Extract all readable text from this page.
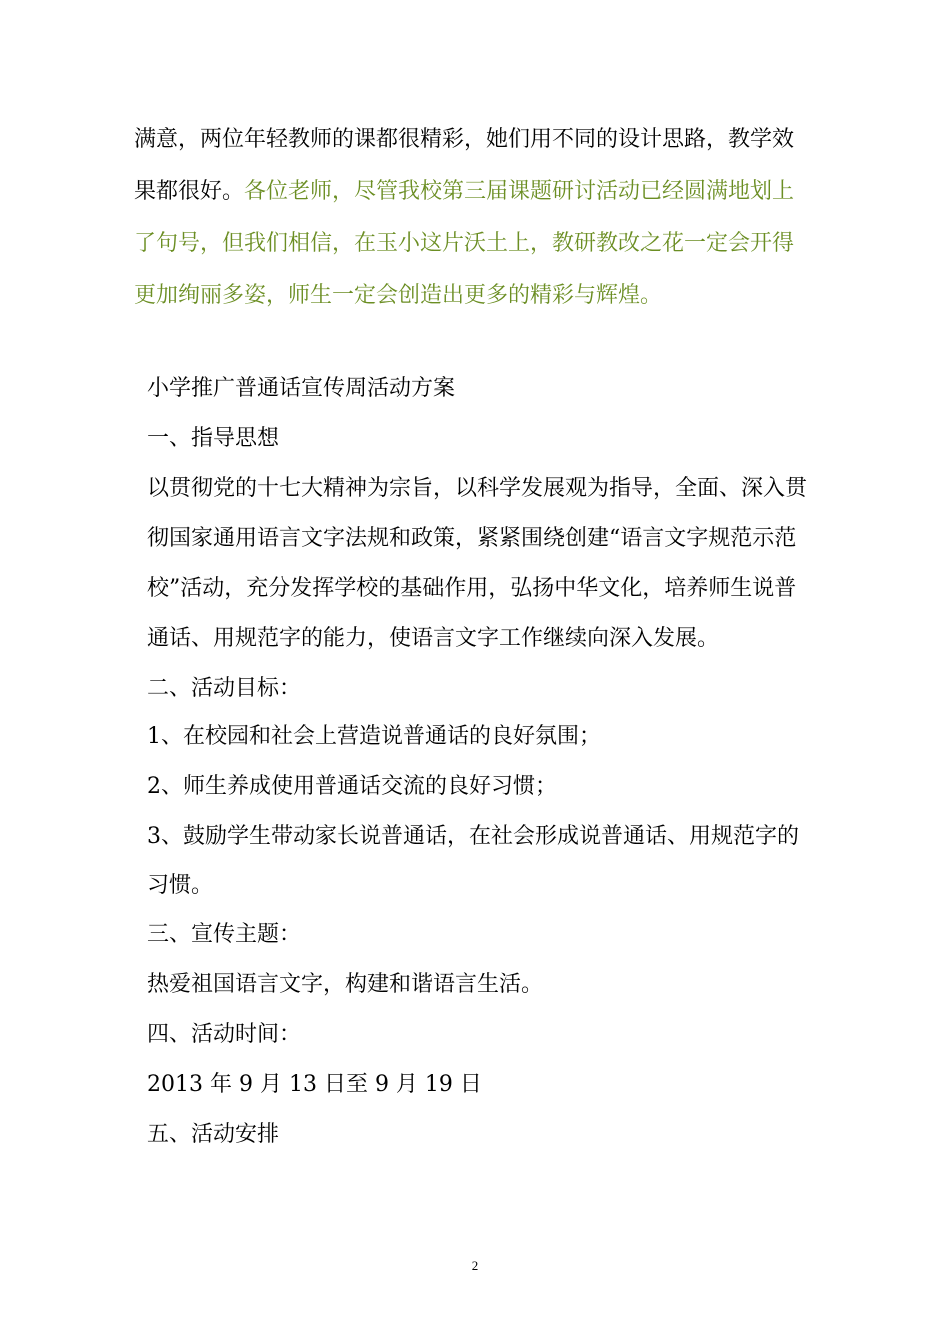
满意，两位年轻教师的课都很精彩，她们用不同的设计思路，教学效
果都很好。各位老师，尽管我校第三届课题研讨活动已经圆满地划上
了句号，但我们相信，在玉小这片沃土上，教研教改之花一定会开得
更加绚丽多姿，师生一定会创造出更多的精彩与辉煌。
小学推广普通话宣传周活动方案
一、指导思想
以贯彻党的十七大精神为宗旨，以科学发展观为指导，全面、深入贯
彻国家通用语言文字法规和政策，紧紧围绕创建“语言文字规范示范
校”活动，充分发挥学校的基础作用，弘扬中华文化，培养师生说普
通话、用规范字的能力，使语言文字工作继续向深入发展。
二、活动目标：
1、在校园和社会上营造说普通话的良好氛围；
2、师生养成使用普通话交流的良好习惯；
3、鼓励学生带动家长说普通话，在社会形成说普通话、用规范字的
习惯。
三、宣传主题：
热爱祖国语言文字，构建和谐语言生活。
四、活动时间：
2013 年 9 月 13 日至 9 月 19 日
五、活动安排
2
